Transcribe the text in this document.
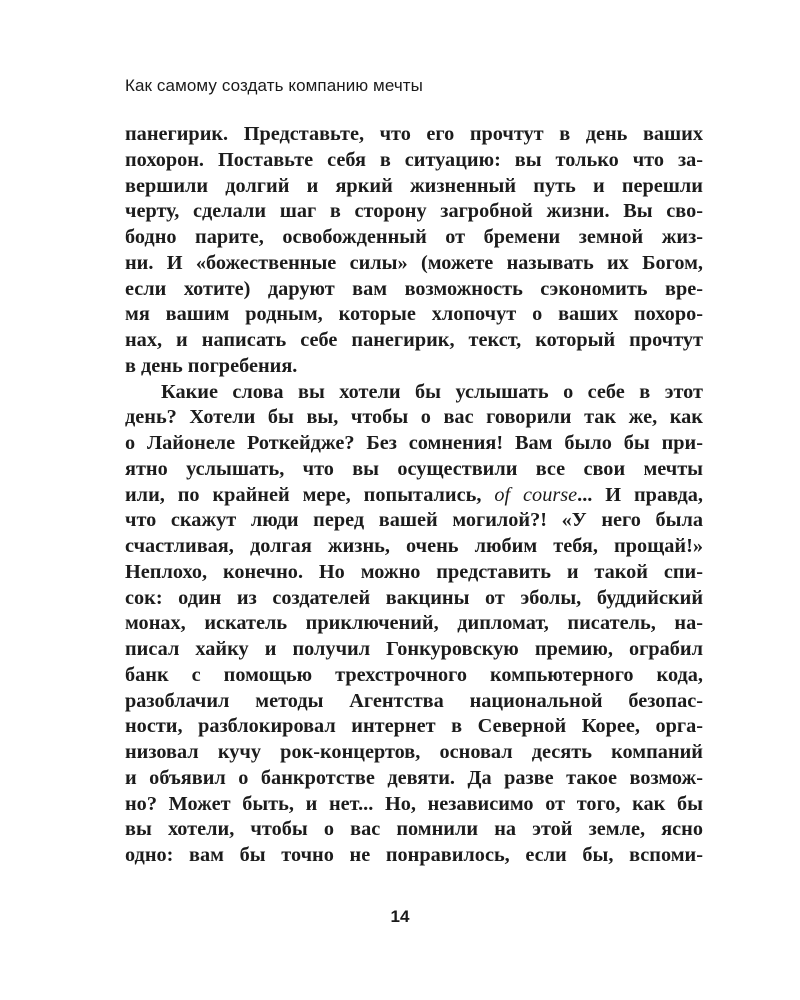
Как самому создать компанию мечты
панегирик. Представьте, что его прочтут в день ваших
похорон. Поставьте себя в ситуацию: вы только что за-
вершили долгий и яркий жизненный путь и перешли
черту, сделали шаг в сторону загробной жизни. Вы сво-
бодно парите, освобожденный от бремени земной жиз-
ни. И «божественные силы» (можете называть их Богом,
если хотите) даруют вам возможность сэкономить вре-
мя вашим родным, которые хлопочут о ваших похоро-
нах, и написать себе панегирик, текст, который прочтут
в день погребения.
Какие слова вы хотели бы услышать о себе в этот
день? Хотели бы вы, чтобы о вас говорили так же, как
о Лайонеле Роткейдже? Без сомнения! Вам было бы при-
ятно услышать, что вы осуществили все свои мечты
или, по крайней мере, попытались, of course... И правда,
что скажут люди перед вашей могилой?! «У него была
счастливая, долгая жизнь, очень любим тебя, прощай!»
Неплохо, конечно. Но можно представить и такой спи-
сок: один из создателей вакцины от эболы, буддийский
монах, искатель приключений, дипломат, писатель, на-
писал хайку и получил Гонкуровскую премию, ограбил
банк с помощью трехстрочного компьютерного кода,
разоблачил методы Агентства национальной безопас-
ности, разблокировал интернет в Северной Корее, орга-
низовал кучу рок-концертов, основал десять компаний
и объявил о банкротстве девяти. Да разве такое возмож-
но? Может быть, и нет... Но, независимо от того, как бы
вы хотели, чтобы о вас помнили на этой земле, ясно
одно: вам бы точно не понравилось, если бы, вспоми-
14
